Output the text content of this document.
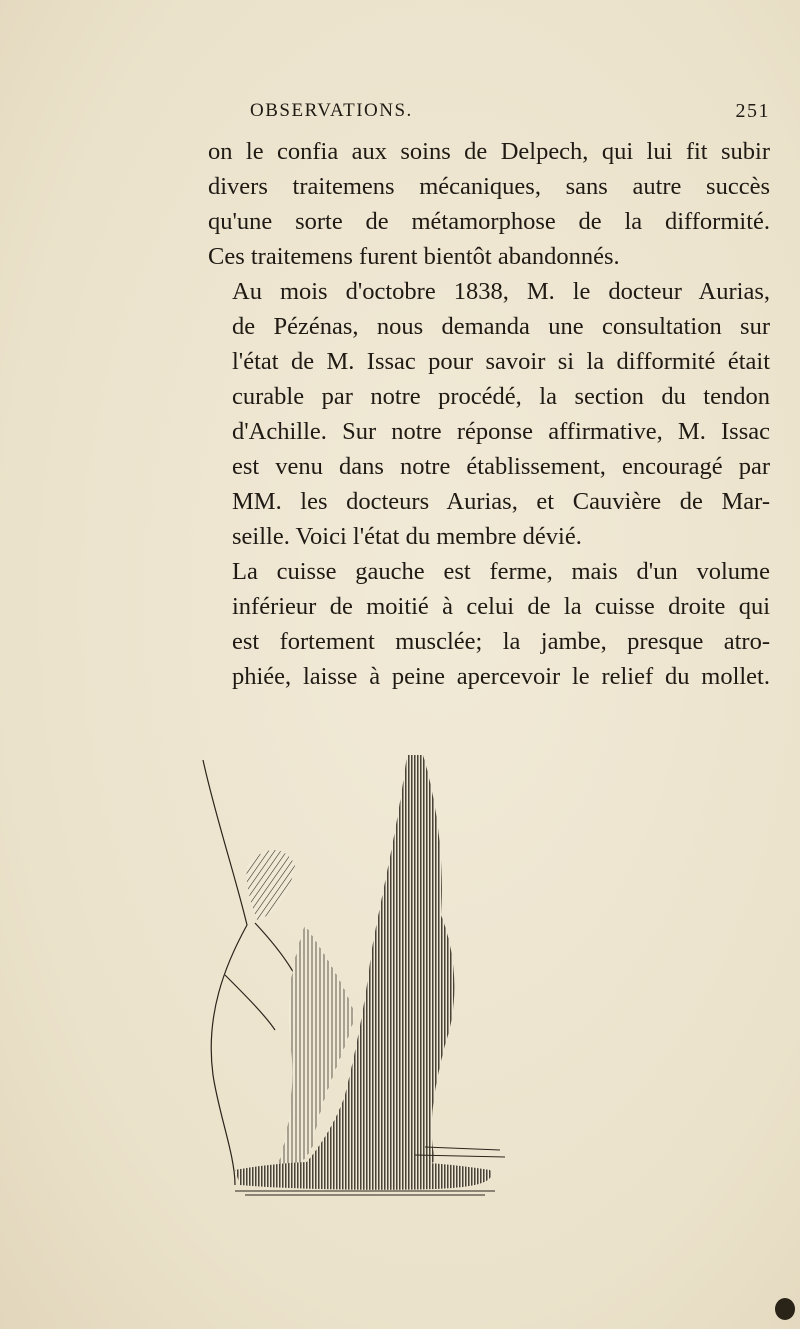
OBSERVATIONS.	251

on le confia aux soins de Delpech, qui lui fit subir
divers traitemens mécaniques, sans autre succès
qu'une sorte de métamorphose de la difformité.
Ces traitemens furent bientôt abandonnés.

Au mois d'octobre 1838, M. le docteur Aurias,
de Pézénas, nous demanda une consultation sur
l'état de M. Issac pour savoir si la difformité était
curable par notre procédé, la section du tendon
d'Achille. Sur notre réponse affirmative, M. Issac
est venu dans notre établissement, encouragé par
MM. les docteurs Aurias, et Cauvière de Mar-
seille. Voici l'état du membre dévié.

La cuisse gauche est ferme, mais d'un volume
inférieur de moitié à celui de la cuisse droite qui
est fortement musclée; la jambe, presque atro-
phiée, laisse à peine apercevoir le relief du mollet.
